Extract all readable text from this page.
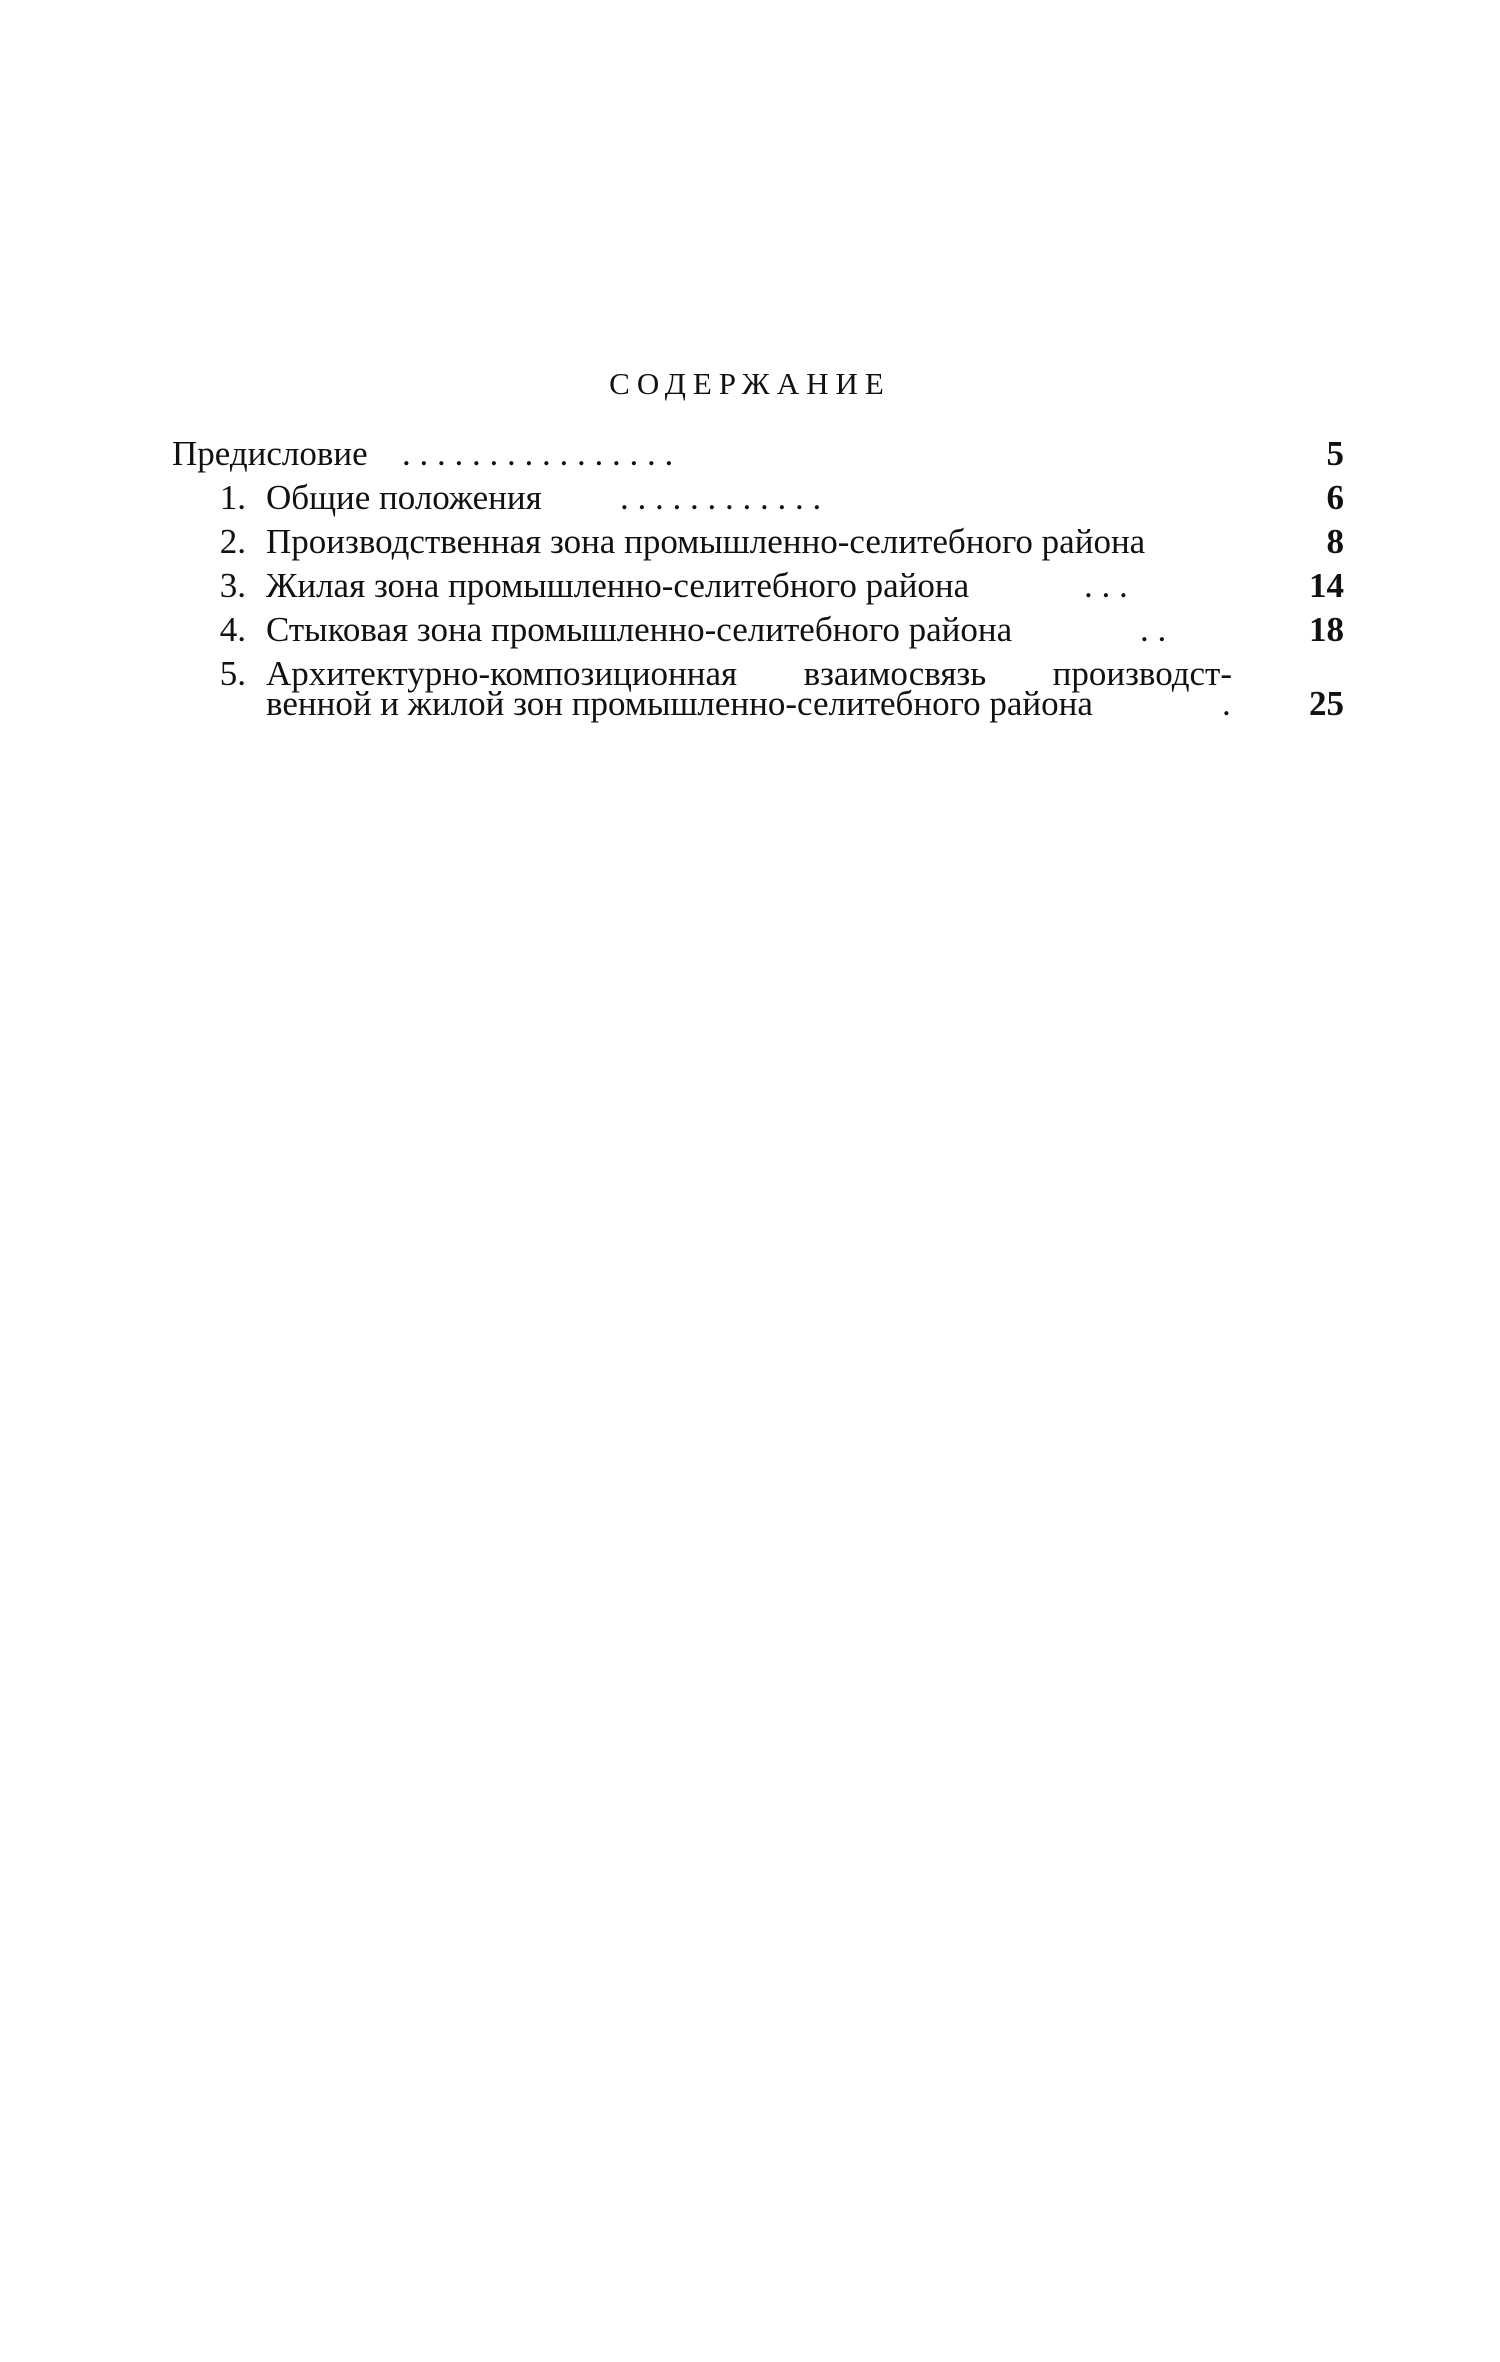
СОДЕРЖАНИЕ
Предисловие . . . . . . . . . . . . . . . .	5
1. Общие положения . . . . . . . . . . . .	6
2. Производственная зона промышленно-селитебного района	8
3. Жилая зона промышленно-селитебного района	. . .	14
4. Стыковая зона промышленно-селитебного района	. .	18
5. Архитектурно-композиционная взаимосвязь производст-
венной и жилой зон промышленно-селитебного района	.	25
